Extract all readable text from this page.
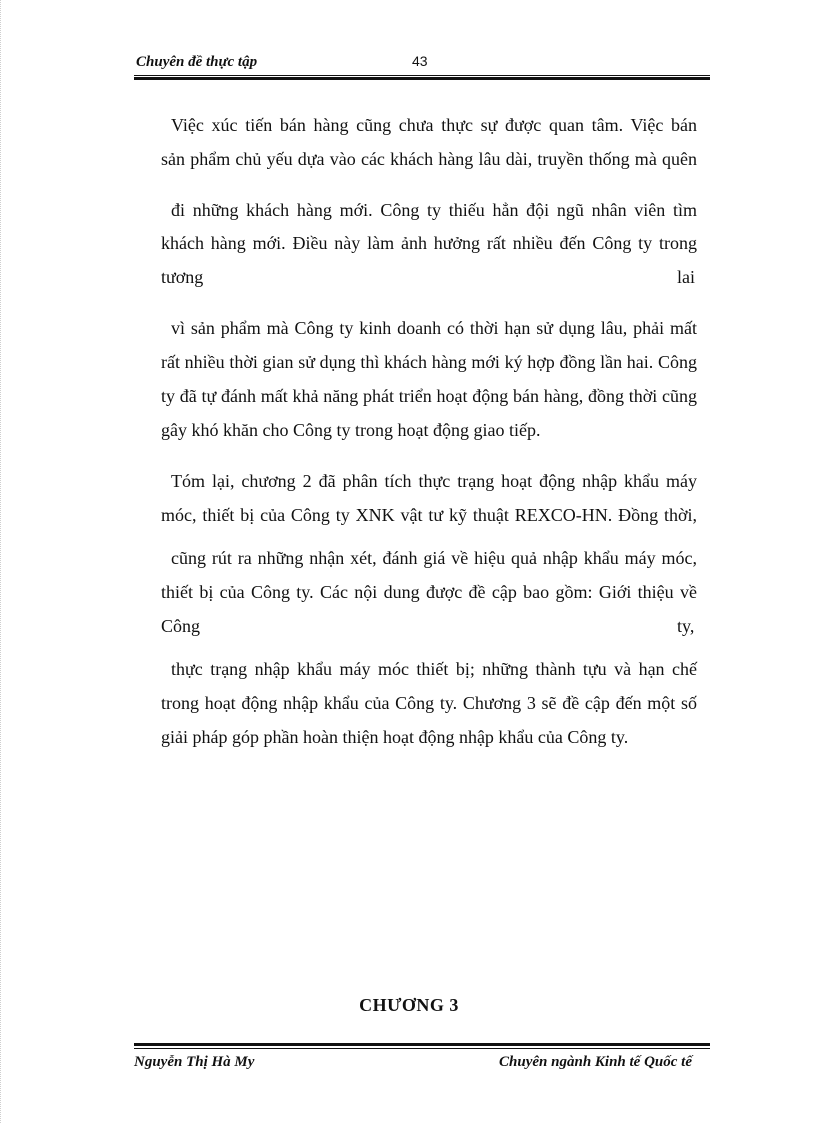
Chuyên đề thực tập	43
Việc xúc tiến bán hàng cũng chưa thực sự được quan tâm. Việc bán
sản phẩm chủ yếu dựa vào các khách hàng lâu dài, truyền thống mà quên
đi những khách hàng mới. Công ty thiếu hẳn đội ngũ nhân viên tìm
khách hàng mới. Điều này làm ảnh hưởng rất nhiều đến Công ty trong
tương	lai
vì sản phẩm mà Công ty kinh doanh có thời hạn sử dụng lâu, phải mất
rất nhiều thời gian sử dụng thì khách hàng mới ký hợp đồng lần hai. Công
ty đã tự đánh mất khả năng phát triển hoạt động bán hàng, đồng thời cũng
gây khó khăn cho Công ty trong hoạt động giao tiếp.
Tóm lại, chương 2 đã phân tích thực trạng hoạt động nhập khẩu máy
móc, thiết bị của Công ty XNK vật tư kỹ thuật REXCO-HN. Đồng thời,
cũng rút ra những nhận xét, đánh giá về hiệu quả nhập khẩu máy móc,
thiết bị của Công ty. Các nội dung được đề cập bao gồm: Giới thiệu về
Công	ty,
thực trạng nhập khẩu máy móc thiết bị; những thành tựu và hạn chế
trong hoạt động nhập khẩu của Công ty. Chương 3 sẽ đề cập đến một số
giải pháp góp phần hoàn thiện hoạt động nhập khẩu của Công ty.
CHƯƠNG 3
Nguyễn Thị Hà My	Chuyên ngành Kinh tế Quốc tế
